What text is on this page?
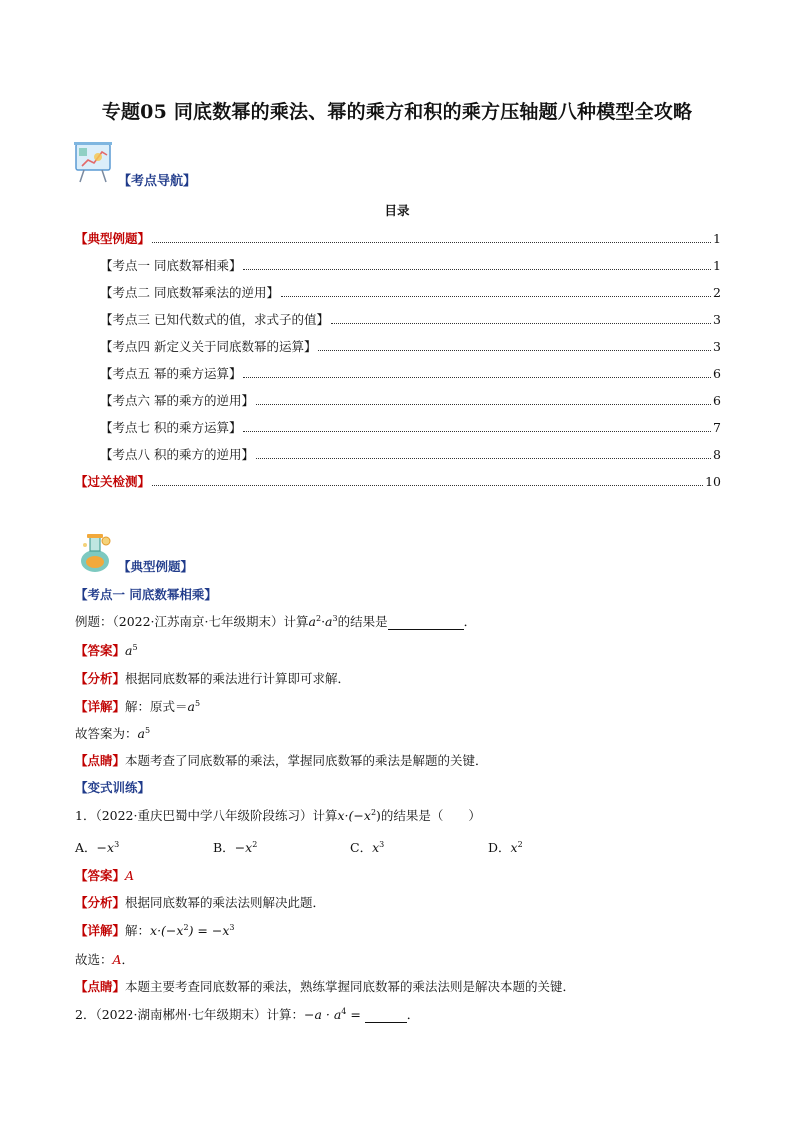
专题05 同底数幂的乘法、幂的乘方和积的乘方压轴题八种模型全攻略
【考点导航】
目录
【典型例题】	1
【考点一 同底数幂相乘】	1
【考点二 同底数幂乘法的逆用】	2
【考点三 已知代数式的值，求式子的值】	3
【考点四 新定义关于同底数幂的运算】	3
【考点五 幂的乘方运算】	6
【考点六 幂的乘方的逆用】	6
【考点七 积的乘方运算】	7
【考点八 积的乘方的逆用】	8
【过关检测】	10
【典型例题】
【考点一 同底数幂相乘】
例题：（2022·江苏南京·七年级期末）计算$a^2\cdot a^3$的结果是	．
【答案】$a^5$
【分析】根据同底数幂的乘法进行计算即可求解．
【详解】解：原式$=a^5$
故答案为：$a^5$
【点睛】本题考查了同底数幂的乘法，掌握同底数幂的乘法是解题的关键．
【变式训练】
1．（2022·重庆巴蜀中学八年级阶段练习）计算$x\cdot(-x^2)$的结果是（　　）
A．$-x^3$	B．$-x^2$	C．$x^3$	D．$x^2$
【答案】A
【分析】根据同底数幂的乘法法则解决此题．
【详解】解：$x\cdot(-x^2) = -x^3$
故选：A．
【点睛】本题主要考查同底数幂的乘法，熟练掌握同底数幂的乘法法则是解决本题的关键．
2．（2022·湖南郴州·七年级期末）计算：$-a \cdot a^4$ =	．
